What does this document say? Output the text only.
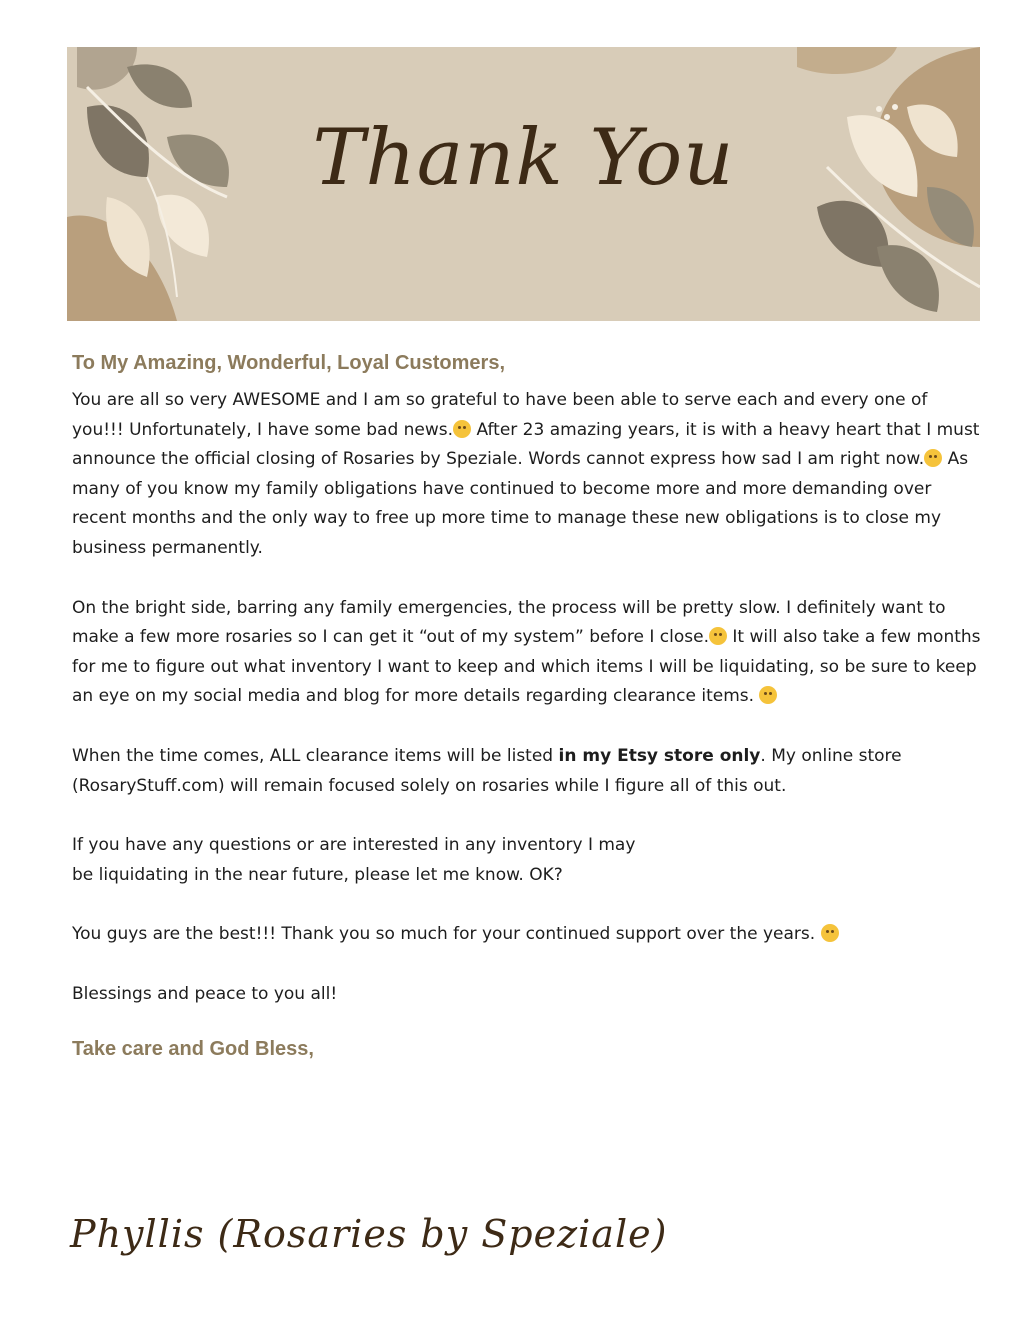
Thank You
To My Amazing, Wonderful, Loyal Customers,

You are all so very AWESOME and I am so grateful to have been able to serve each and every one of you!!! Unfortunately, I have some bad news. After 23 amazing years, it is with a heavy heart that I must announce the official closing of Rosaries by Speziale. Words cannot express how sad I am right now. As many of you know my family obligations have continued to become more and more demanding over recent months and the only way to free up more time to manage these new obligations is to close my business permanently.

On the bright side, barring any family emergencies, the process will be pretty slow. I definitely want to make a few more rosaries so I can get it “out of my system” before I close. It will also take a few months for me to figure out what inventory I want to keep and which items I will be liquidating, so be sure to keep an eye on my social media and blog for more details regarding clearance items.

When the time comes, ALL clearance items will be listed in my Etsy store only. My online store (RosaryStuff.com) will remain focused solely on rosaries while I figure all of this out.

If you have any questions or are interested in any inventory I may
be liquidating in the near future, please let me know. OK?

You guys are the best!!! Thank you so much for your continued support over the years.

Blessings and peace to you all!

Take care and God Bless,
Phyllis (Rosaries by Speziale)
